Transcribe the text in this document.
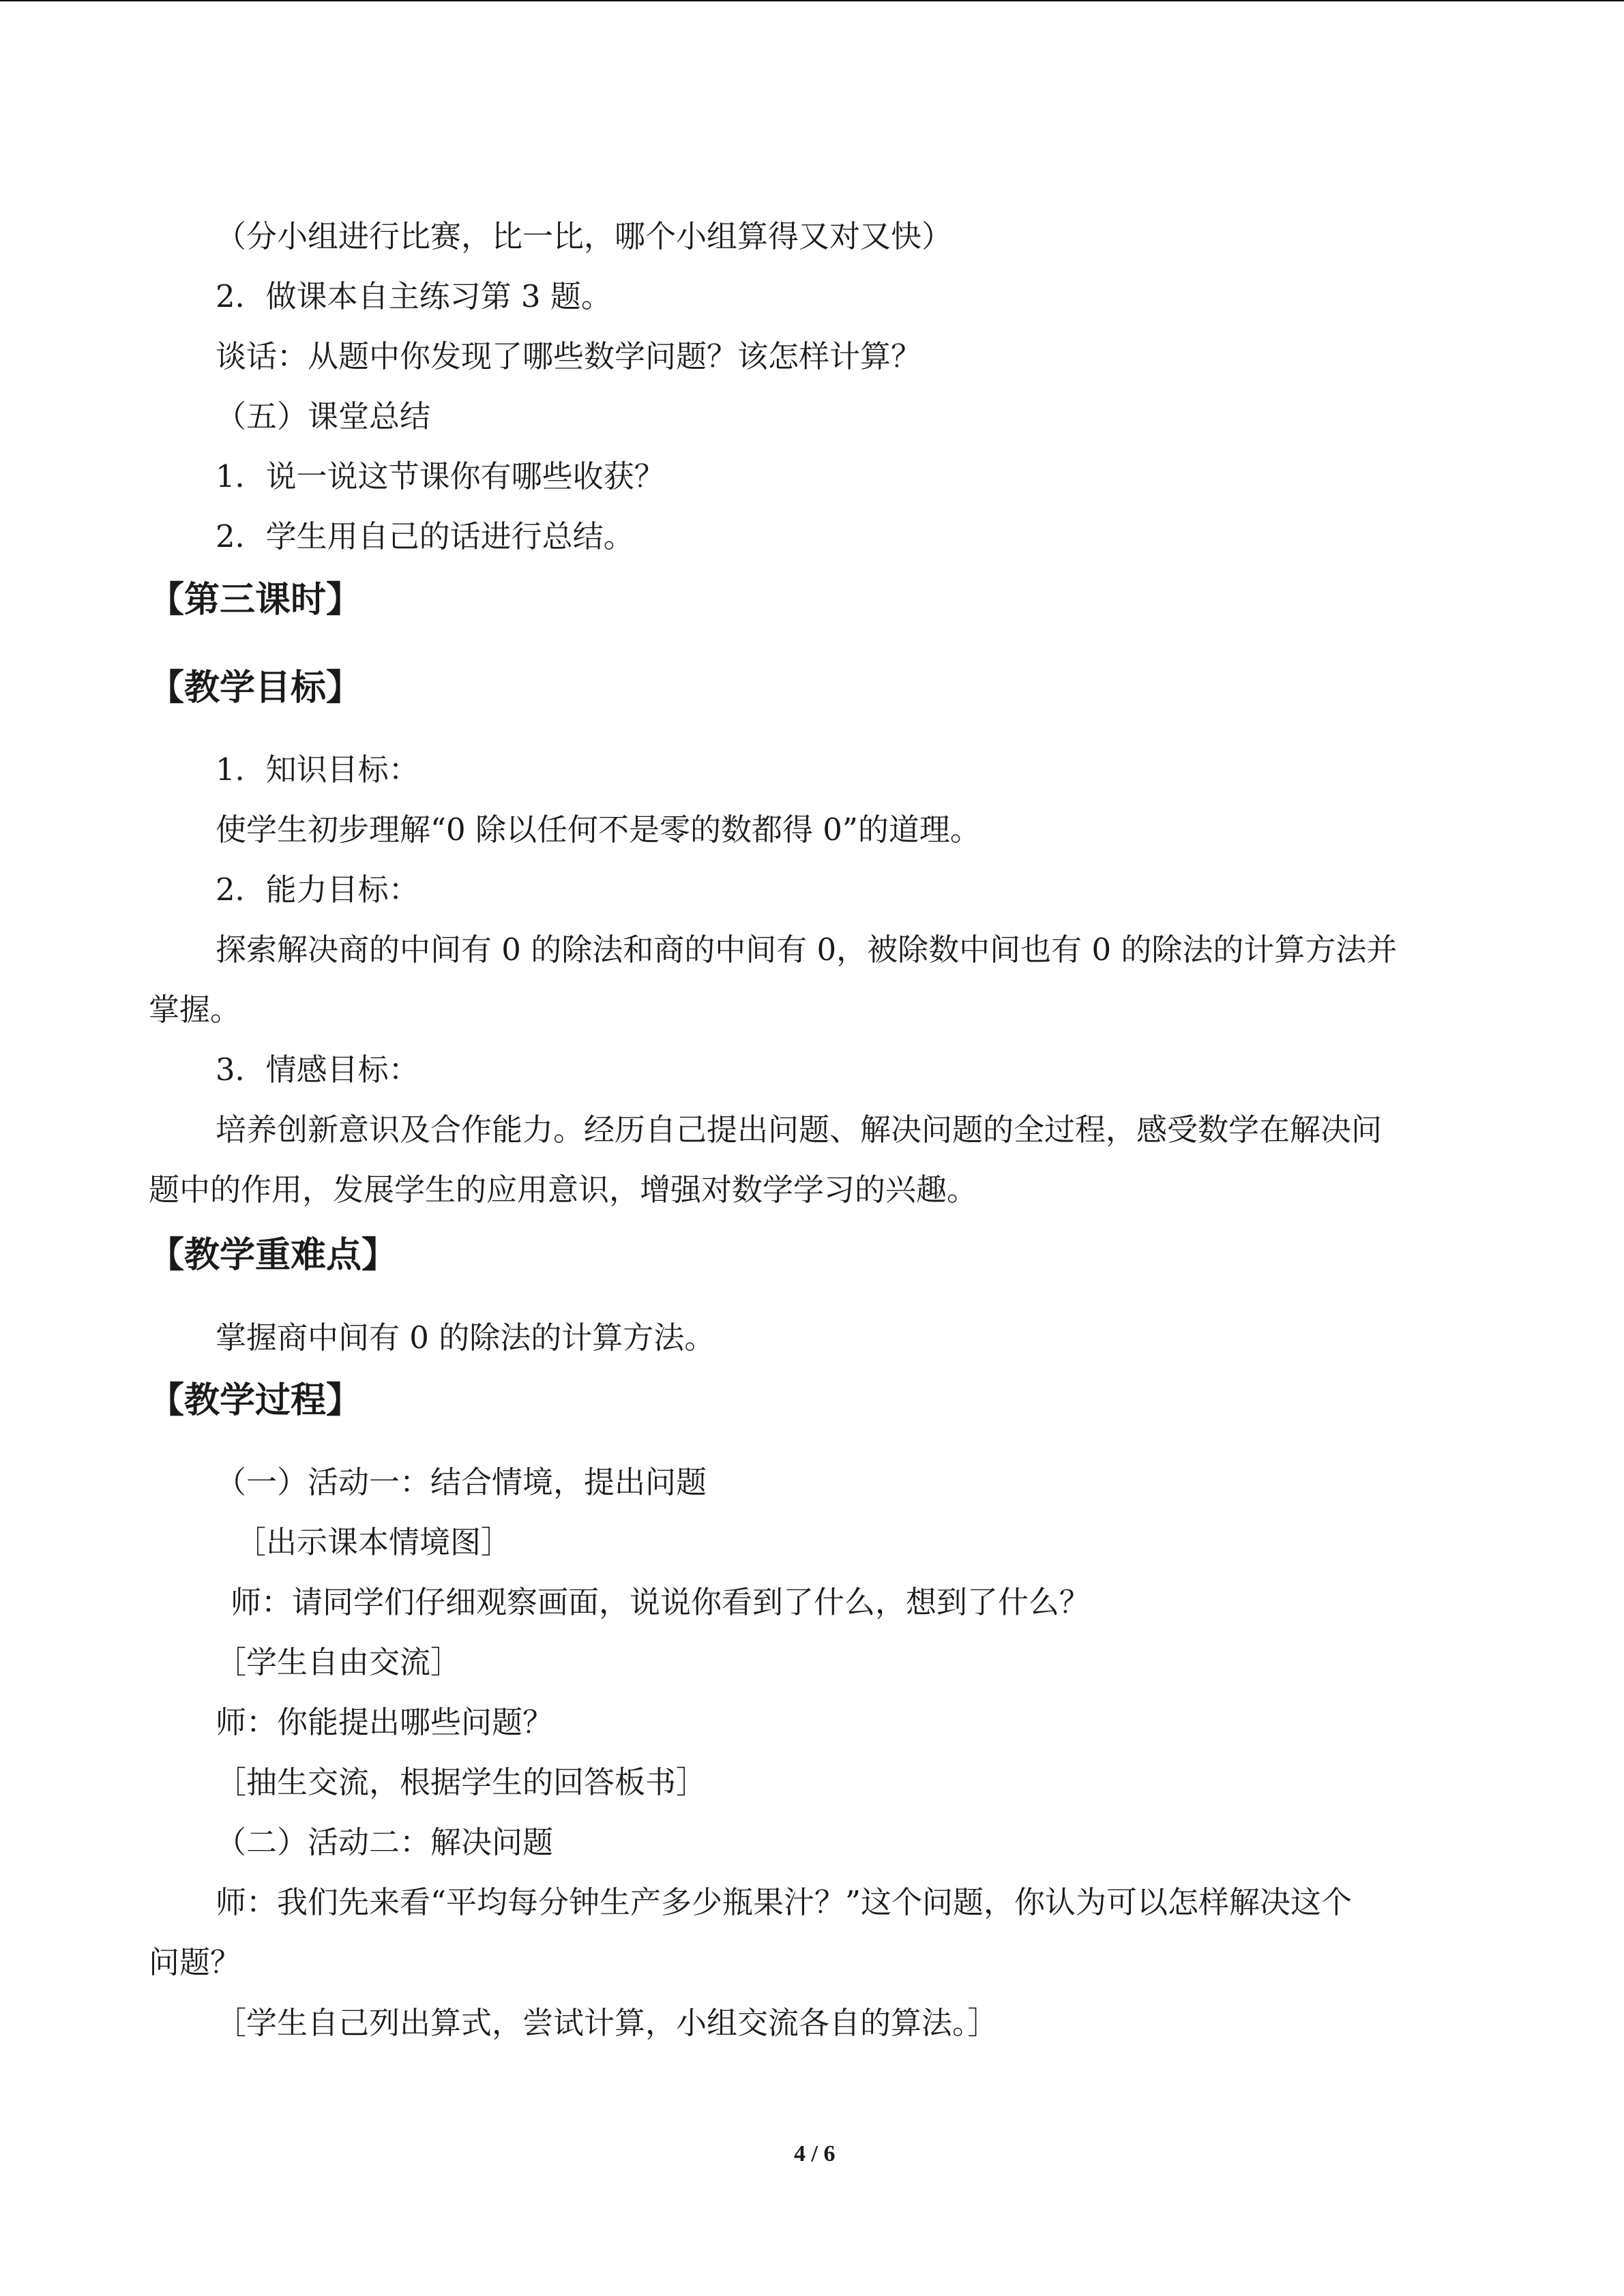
（分小组进行比赛，比一比，哪个小组算得又对又快）
2．做课本自主练习第 3 题。
谈话：从题中你发现了哪些数学问题？该怎样计算？
（五）课堂总结
1．说一说这节课你有哪些收获？
2．学生用自己的话进行总结。
【第三课时】
【教学目标】
1．知识目标：
使学生初步理解“0 除以任何不是零的数都得 0”的道理。
2．能力目标：
探索解决商的中间有 0 的除法和商的中间有 0，被除数中间也有 0 的除法的计算方法并
掌握。
3．情感目标：
培养创新意识及合作能力。经历自己提出问题、解决问题的全过程，感受数学在解决问
题中的作用，发展学生的应用意识，增强对数学学习的兴趣。
【教学重难点】
掌握商中间有 0 的除法的计算方法。
【教学过程】
（一）活动一：结合情境，提出问题
［出示课本情境图］
师：请同学们仔细观察画面，说说你看到了什么，想到了什么？
［学生自由交流］
师：你能提出哪些问题？
［抽生交流，根据学生的回答板书］
（二）活动二：解决问题
师：我们先来看“平均每分钟生产多少瓶果汁？”这个问题，你认为可以怎样解决这个
问题？
［学生自己列出算式，尝试计算，小组交流各自的算法。］
4 / 6
